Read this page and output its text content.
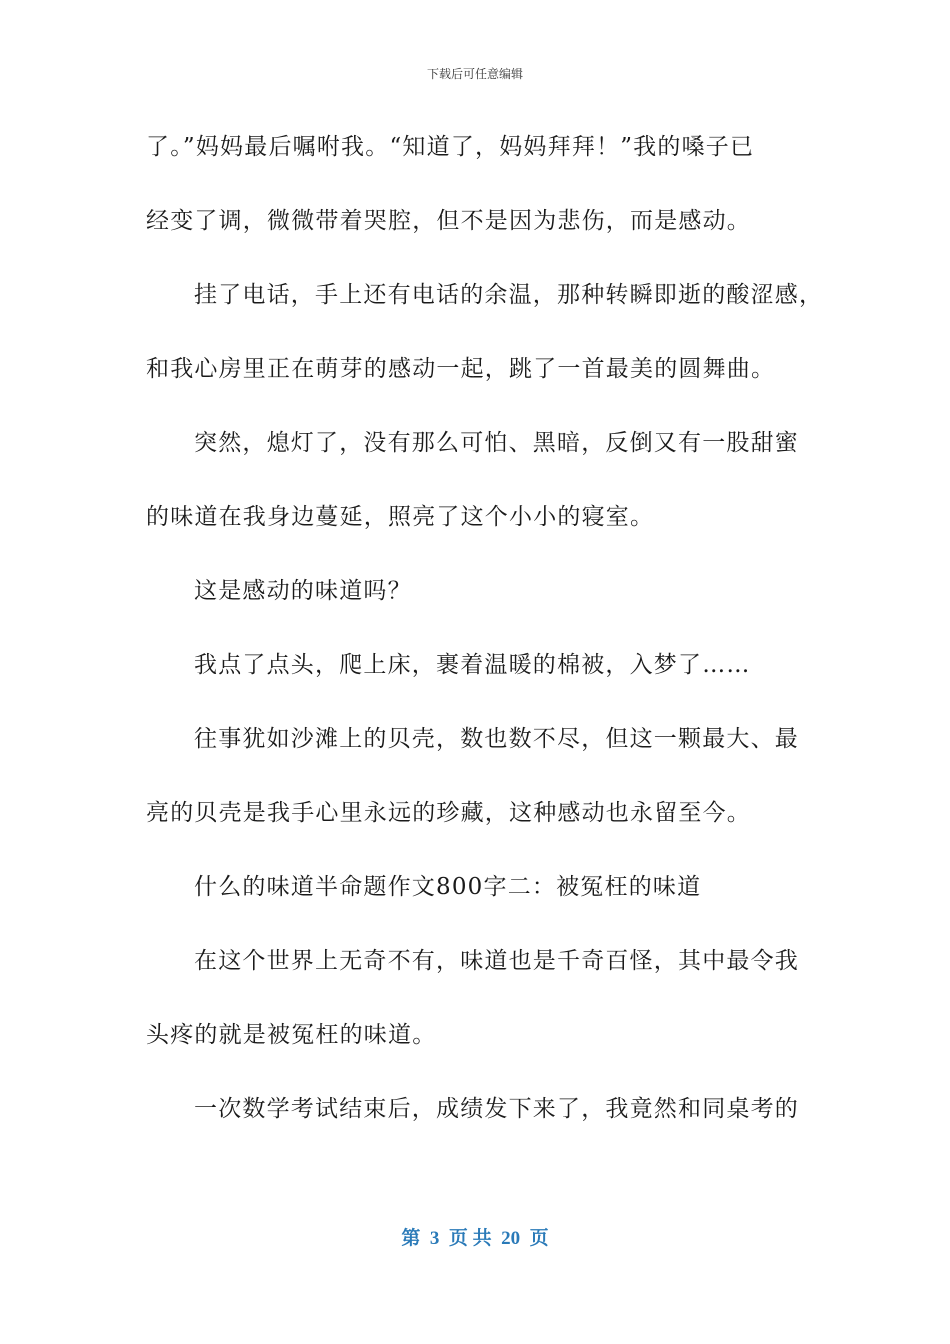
下载后可任意编辑
了。”妈妈最后嘱咐我。“知道了，妈妈拜拜！”我的嗓子已
经变了调，微微带着哭腔，但不是因为悲伤，而是感动。
挂了电话，手上还有电话的余温，那种转瞬即逝的酸涩感，
和我心房里正在萌芽的感动一起，跳了一首最美的圆舞曲。
突然，熄灯了，没有那么可怕、黑暗，反倒又有一股甜蜜
的味道在我身边蔓延，照亮了这个小小的寝室。
这是感动的味道吗？
我点了点头，爬上床，裹着温暖的棉被，入梦了……
往事犹如沙滩上的贝壳，数也数不尽，但这一颗最大、最
亮的贝壳是我手心里永远的珍藏，这种感动也永留至今。
什么的味道半命题作文800字二：被冤枉的味道
在这个世界上无奇不有，味道也是千奇百怪，其中最令我
头疼的就是被冤枉的味道。
一次数学考试结束后，成绩发下来了，我竟然和同桌考的
第  3  页 共  20  页
